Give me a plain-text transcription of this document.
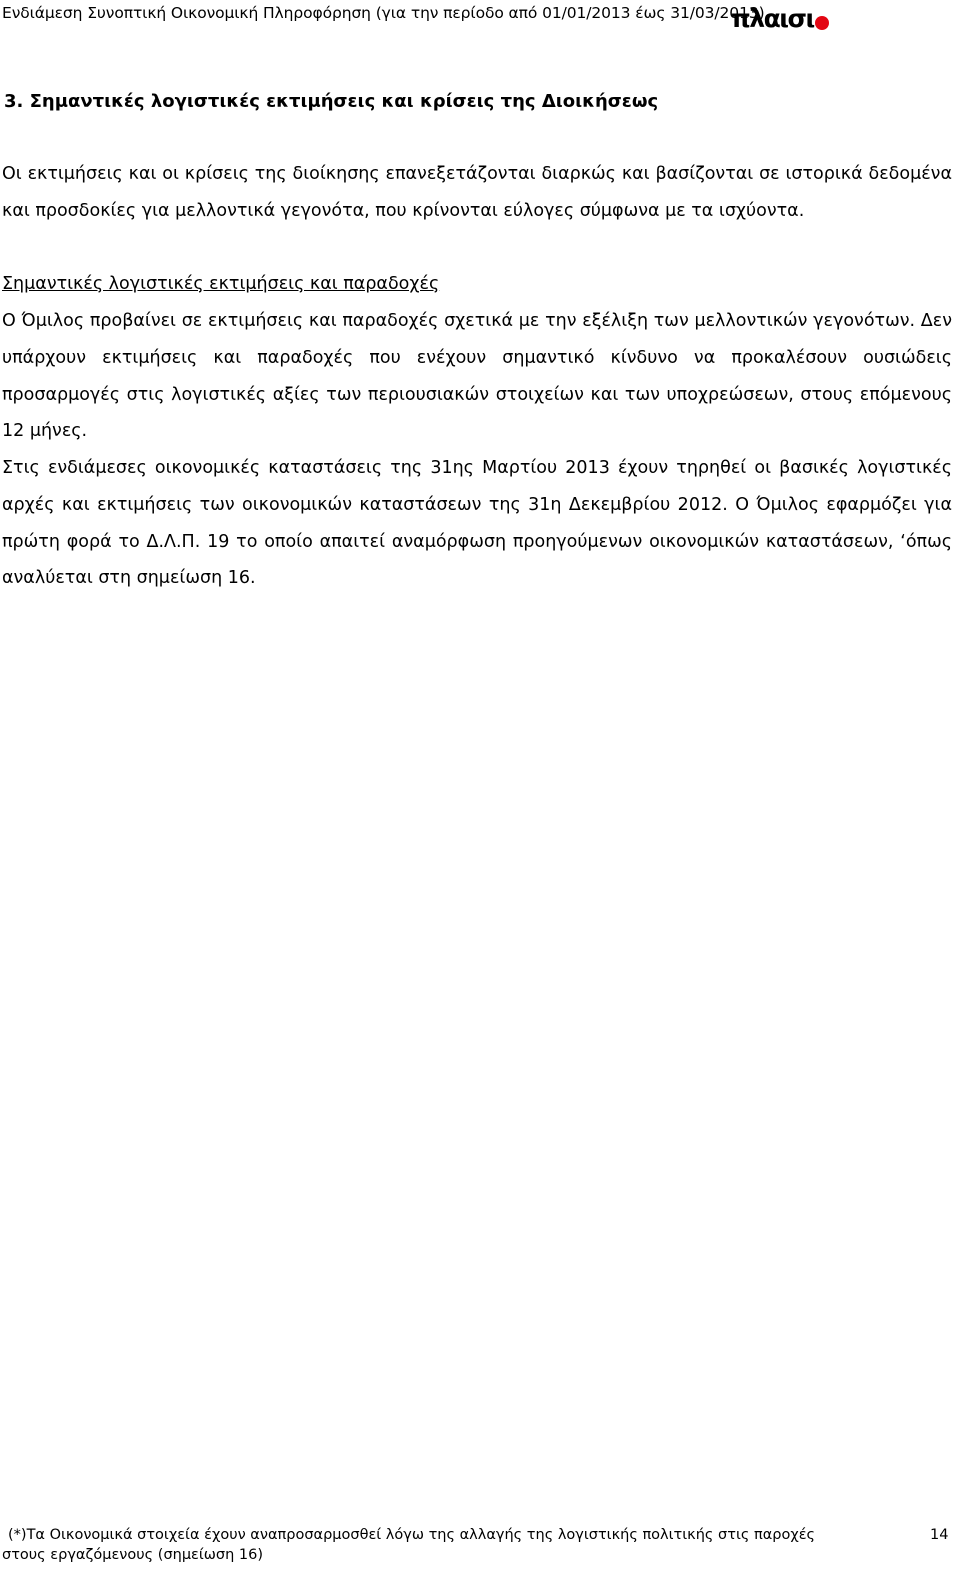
Ενδιάμεση Συνοπτική Οικονομική Πληροφόρηση (για την περίοδο από 01/01/2013 έως 31/03/2013)
πλαισι
3. Σημαντικές λογιστικές εκτιμήσεις και κρίσεις της Διοικήσεως
Οι εκτιμήσεις και οι κρίσεις της διοίκησης επανεξετάζονται διαρκώς και βασίζονται σε ιστορικά δεδομένα και προσδοκίες για μελλοντικά γεγονότα, που κρίνονται εύλογες σύμφωνα με τα ισχύοντα.
Σημαντικές λογιστικές εκτιμήσεις και παραδοχές
Ο Όμιλος προβαίνει σε εκτιμήσεις και παραδοχές σχετικά με την εξέλιξη των μελλοντικών γεγονότων. Δεν υπάρχουν εκτιμήσεις και παραδοχές που ενέχουν σημαντικό κίνδυνο να προκαλέσουν ουσιώδεις προσαρμογές στις λογιστικές αξίες των περιουσιακών στοιχείων και των υποχρεώσεων, στους επόμενους 12 μήνες.
Στις ενδιάμεσες οικονομικές καταστάσεις της 31ης Μαρτίου 2013 έχουν τηρηθεί οι βασικές λογιστικές αρχές και εκτιμήσεις των οικονομικών καταστάσεων της 31η Δεκεμβρίου 2012. Ο Όμιλος εφαρμόζει για πρώτη φορά το Δ.Λ.Π. 19 το οποίο απαιτεί αναμόρφωση προηγούμενων οικονομικών καταστάσεων, ‘όπως αναλύεται στη σημείωση 16.
(*)Τα Οικονομικά στοιχεία έχουν αναπροσαρμοσθεί λόγω της αλλαγής της λογιστικής πολιτικής στις παροχές στους εργαζόμενους (σημείωση 16)
14
